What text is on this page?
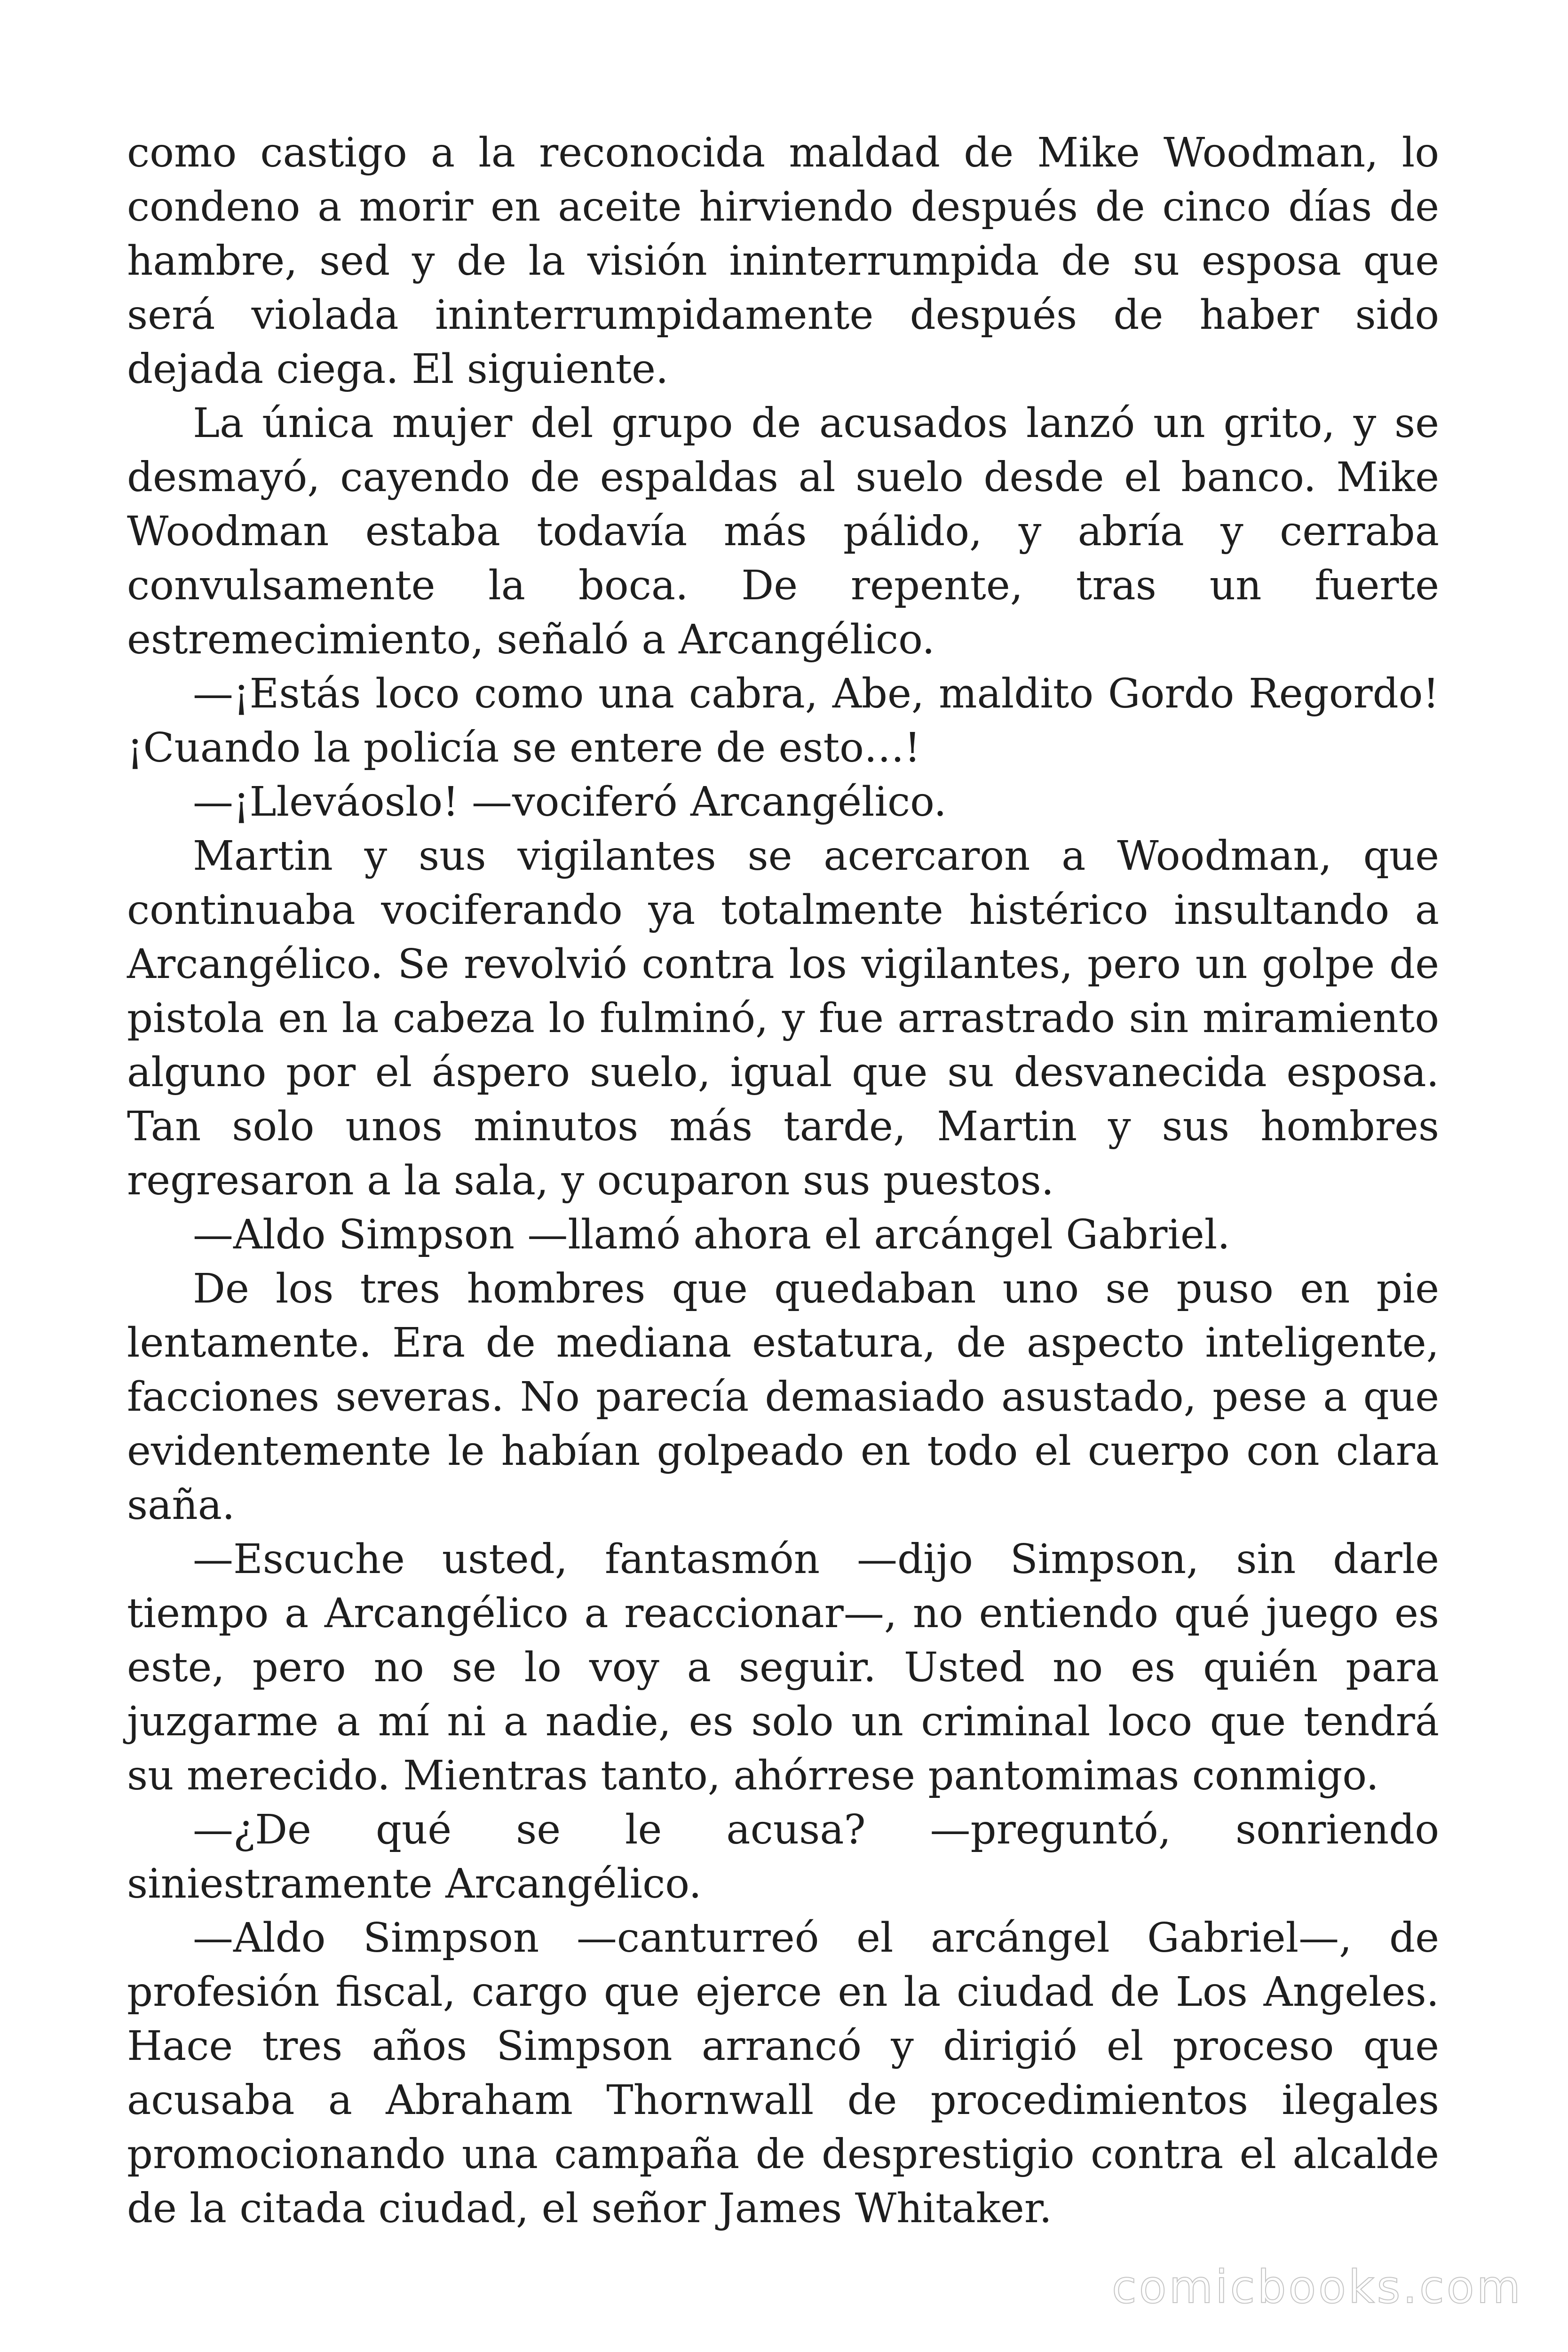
como castigo a la reconocida maldad de Mike Woodman, lo condeno a morir en aceite hirviendo después de cinco días de hambre, sed y de la visión ininterrumpida de su esposa que será violada ininterrumpidamente después de haber sido dejada ciega. El siguiente.

La única mujer del grupo de acusados lanzó un grito, y se desmayó, cayendo de espaldas al suelo desde el banco. Mike Woodman estaba todavía más pálido, y abría y cerraba convulsamente la boca. De repente, tras un fuerte estremecimiento, señaló a Arcangélico.

—¡Estás loco como una cabra, Abe, maldito Gordo Regordo! ¡Cuando la policía se entere de esto…!

—¡Lleváoslo! —vociferó Arcangélico.

Martin y sus vigilantes se acercaron a Woodman, que continuaba vociferando ya totalmente histérico insultando a Arcangélico. Se revolvió contra los vigilantes, pero un golpe de pistola en la cabeza lo fulminó, y fue arrastrado sin miramiento alguno por el áspero suelo, igual que su desvanecida esposa. Tan solo unos minutos más tarde, Martin y sus hombres regresaron a la sala, y ocuparon sus puestos.

—Aldo Simpson —llamó ahora el arcángel Gabriel.

De los tres hombres que quedaban uno se puso en pie lentamente. Era de mediana estatura, de aspecto inteligente, facciones severas. No parecía demasiado asustado, pese a que evidentemente le habían golpeado en todo el cuerpo con clara saña.

—Escuche usted, fantasmón —dijo Simpson, sin darle tiempo a Arcangélico a reaccionar—, no entiendo qué juego es este, pero no se lo voy a seguir. Usted no es quién para juzgarme a mí ni a nadie, es solo un criminal loco que tendrá su merecido. Mientras tanto, ahórrese pantomimas conmigo.

—¿De qué se le acusa? —preguntó, sonriendo siniestramente Arcangélico.

—Aldo Simpson —canturreó el arcángel Gabriel—, de profesión fiscal, cargo que ejerce en la ciudad de Los Angeles. Hace tres años Simpson arrancó y dirigió el proceso que acusaba a Abraham Thornwall de procedimientos ilegales promocionando una campaña de desprestigio contra el alcalde de la citada ciudad, el señor James Whitaker.

comicbooks.com
